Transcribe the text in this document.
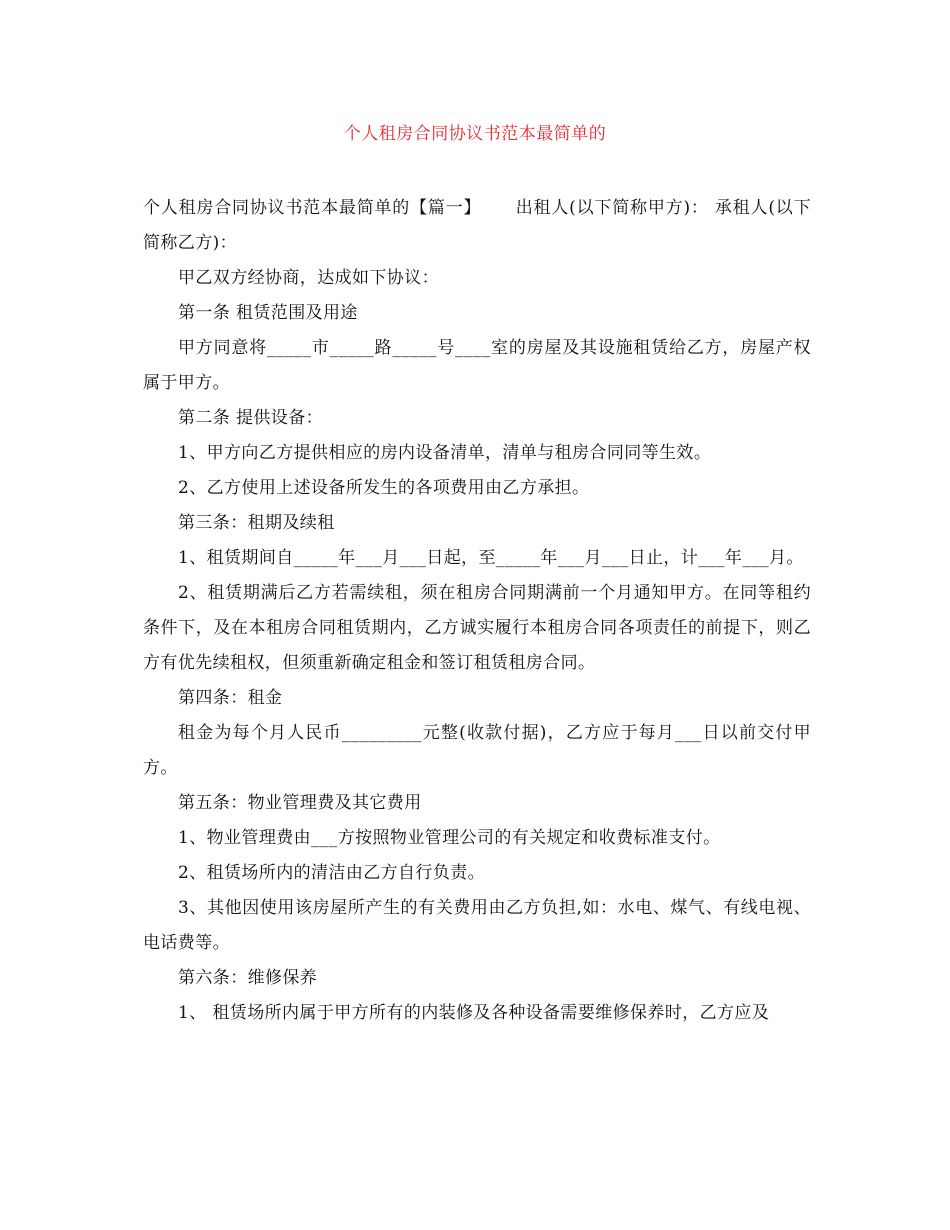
个人租房合同协议书范本最简单的

个人租房合同协议书范本最简单的【篇一】 出租人(以下简称甲方)： 承租人(以下简称乙方)：

甲乙双方经协商，达成如下协议：

第一条 租赁范围及用途

甲方同意将_____市_____路_____号____室的房屋及其设施租赁给乙方，房屋产权属于甲方。

第二条 提供设备：

1、甲方向乙方提供相应的房内设备清单，清单与租房合同同等生效。

2、乙方使用上述设备所发生的各项费用由乙方承担。

第三条：租期及续租

1、租赁期间自_____年___月___日起，至_____年___月___日止，计___年___月。

2、租赁期满后乙方若需续租，须在租房合同期满前一个月通知甲方。在同等租约条件下，及在本租房合同租赁期内，乙方诚实履行本租房合同各项责任的前提下，则乙方有优先续租权，但须重新确定租金和签订租赁租房合同。

第四条：租金

租金为每个月人民币_________元整(收款付据)，乙方应于每月___日以前交付甲方。

第五条：物业管理费及其它费用

1、物业管理费由___方按照物业管理公司的有关规定和收费标准支付。

2、租赁场所内的清洁由乙方自行负责。

3、其他因使用该房屋所产生的有关费用由乙方负担,如：水电、煤气、有线电视、电话费等。

第六条：维修保养

1、 租赁场所内属于甲方所有的内装修及各种设备需要维修保养时，乙方应及
